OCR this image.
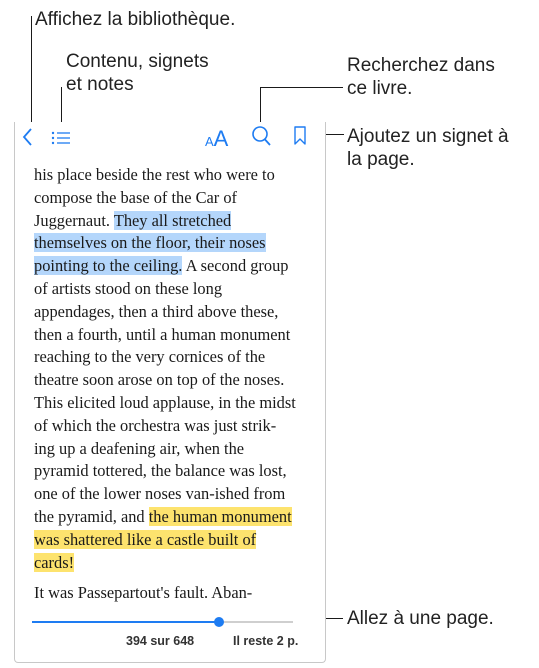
Affichez la bibliothèque.
Contenu, signets
et notes
Recherchez dans
ce livre.
Ajoutez un signet à
la page.
Allez à une page.
AA

his place beside the rest who were to compose the base of the Car of Juggernaut. They all stretched themselves on the floor, their noses pointing to the ceiling. A second group of artists stood on these long appendages, then a third above these, then a fourth, until a human monument reaching to the very cornices of the theatre soon arose on top of the noses. This elicited loud applause, in the midst of which the orchestra was just strik-ing up a deafening air, when the pyramid tottered, the balance was lost, one of the lower noses van-ished from the pyramid, and the human monument was shattered like a castle built of cards!

It was Passepartout's fault. Aban-

394 sur 648	Il reste 2 p.
